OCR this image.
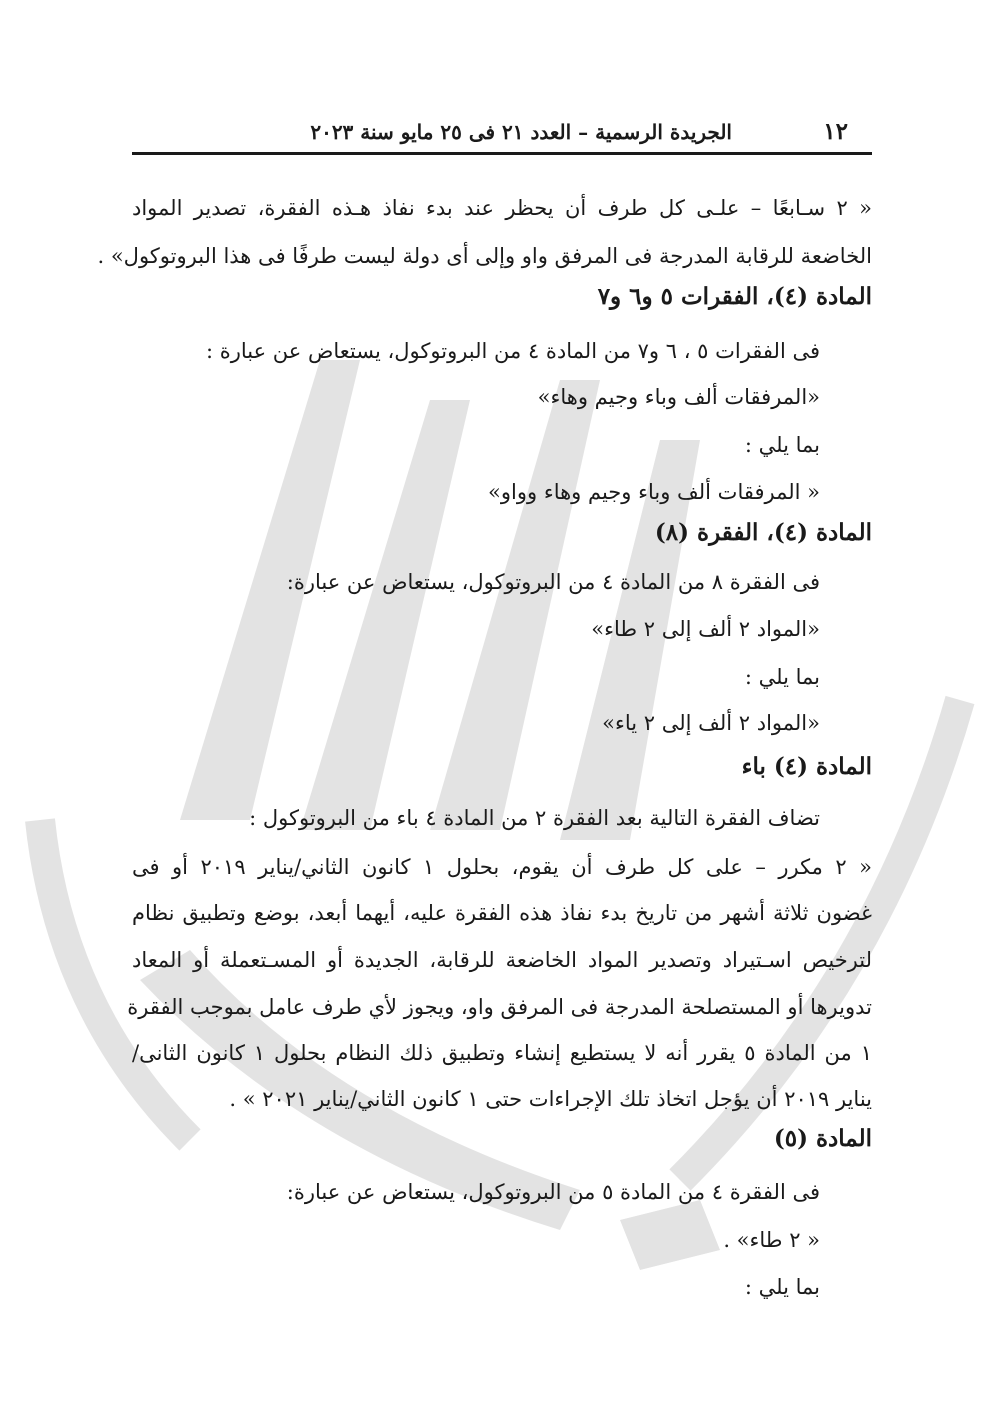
١٢
الجريدة الرسمية – العدد ٢١ فى ٢٥ مايو سنة ٢٠٢٣
« ٢ سـابعًا – علـى كل طرف أن يحظر عند بدء نفاذ هـذه الفقرة، تصدير المواد
الخاضعة للرقابة المدرجة فى المرفق واو وإلى أى دولة ليست طرفًا فى هذا البروتوكول» .
المادة (٤)، الفقرات ٥ و٦ و٧
فى الفقرات ٥ ، ٦ و٧ من المادة ٤ من البروتوكول، يستعاض عن عبارة :
«المرفقات ألف وباء وجيم وهاء»
بما يلي :
« المرفقات ألف وباء وجيم وهاء وواو»
المادة (٤)، الفقرة (٨)
فى الفقرة ٨ من المادة ٤ من البروتوكول، يستعاض عن عبارة:
«المواد ٢ ألف إلى ٢ طاء»
بما يلي :
«المواد ٢ ألف إلى ٢ ياء»
المادة (٤) باء
تضاف الفقرة التالية بعد الفقرة ٢ من المادة ٤ باء من البروتوكول :
« ٢ مكرر – على كل طرف أن يقوم، بحلول ١ كانون الثاني/يناير ٢٠١٩ أو فى
غضون ثلاثة أشهر من تاريخ بدء نفاذ هذه الفقرة عليه، أيهما أبعد، بوضع وتطبيق نظام
لترخيص اسـتيراد وتصدير المواد الخاضعة للرقابة، الجديدة أو المسـتعملة أو المعاد
تدويرها أو المستصلحة المدرجة فى المرفق واو، ويجوز لأي طرف عامل بموجب الفقرة
١ من المادة ٥ يقرر أنه لا يستطيع إنشاء وتطبيق ذلك النظام بحلول ١ كانون الثانى/
يناير ٢٠١٩ أن يؤجل اتخاذ تلك الإجراءات حتى ١ كانون الثاني/يناير ٢٠٢١ » .
المادة (٥)
فى الفقرة ٤ من المادة ٥ من البروتوكول، يستعاض عن عبارة:
« ٢ طاء» .
بما يلي :
